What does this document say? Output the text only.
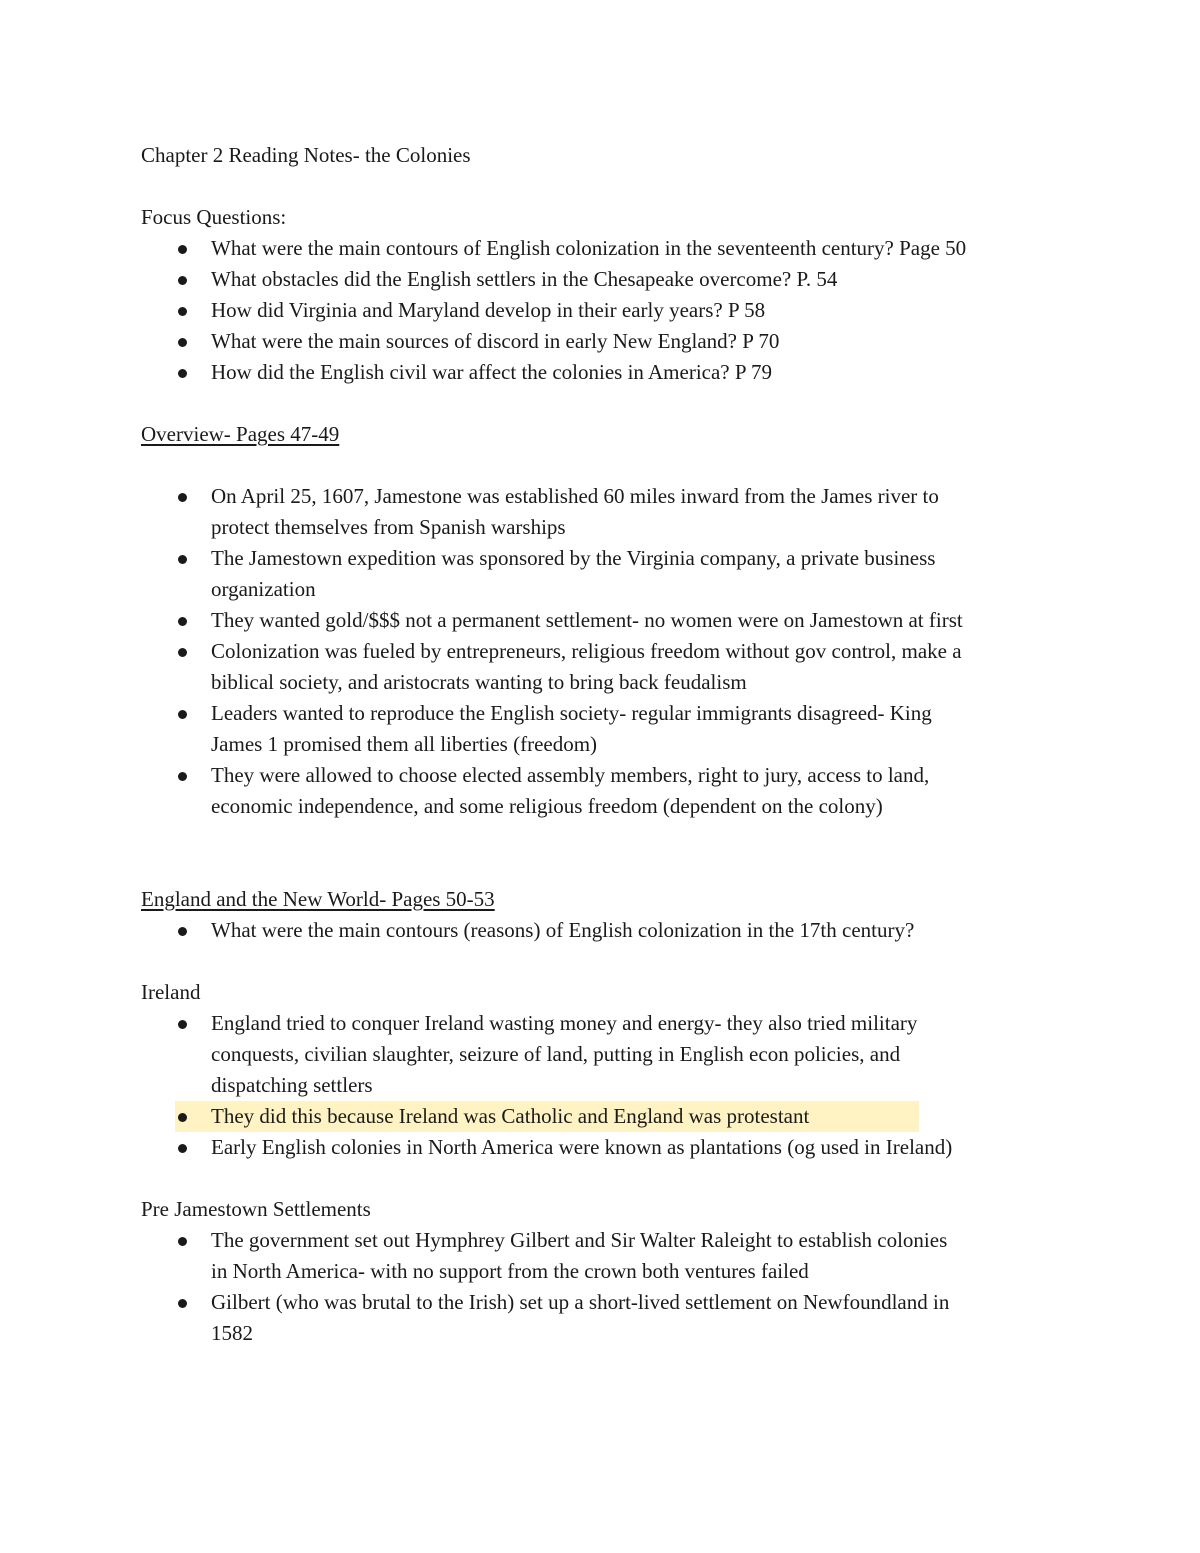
Chapter 2 Reading Notes- the Colonies

Focus Questions:

What were the main contours of English colonization in the seventeenth century? Page 50
What obstacles did the English settlers in the Chesapeake overcome? P. 54
How did Virginia and Maryland develop in their early years? P 58
What were the main sources of discord in early New England? P 70
How did the English civil war affect the colonies in America? P 79

Overview- Pages 47-49

On April 25, 1607, Jamestone was established 60 miles inward from the James river to
protect themselves from Spanish warships
The Jamestown expedition was sponsored by the Virginia company, a private business
organization
They wanted gold/$$$ not a permanent settlement- no women were on Jamestown at first
Colonization was fueled by entrepreneurs, religious freedom without gov control, make a
biblical society, and aristocrats wanting to bring back feudalism
Leaders wanted to reproduce the English society- regular immigrants disagreed- King
James 1 promised them all liberties (freedom)
They were allowed to choose elected assembly members, right to jury, access to land,
economic independence, and some religious freedom (dependent on the colony)

England and the New World- Pages 50-53

What were the main contours (reasons) of English colonization in the 17th century?

Ireland

England tried to conquer Ireland wasting money and energy- they also tried military
conquests, civilian slaughter, seizure of land, putting in English econ policies, and
dispatching settlers
They did this because Ireland was Catholic and England was protestant
Early English colonies in North America were known as plantations (og used in Ireland)

Pre Jamestown Settlements

The government set out Hymphrey Gilbert and Sir Walter Raleight to establish colonies
in North America- with no support from the crown both ventures failed
Gilbert (who was brutal to the Irish) set up a short-lived settlement on Newfoundland in
1582
